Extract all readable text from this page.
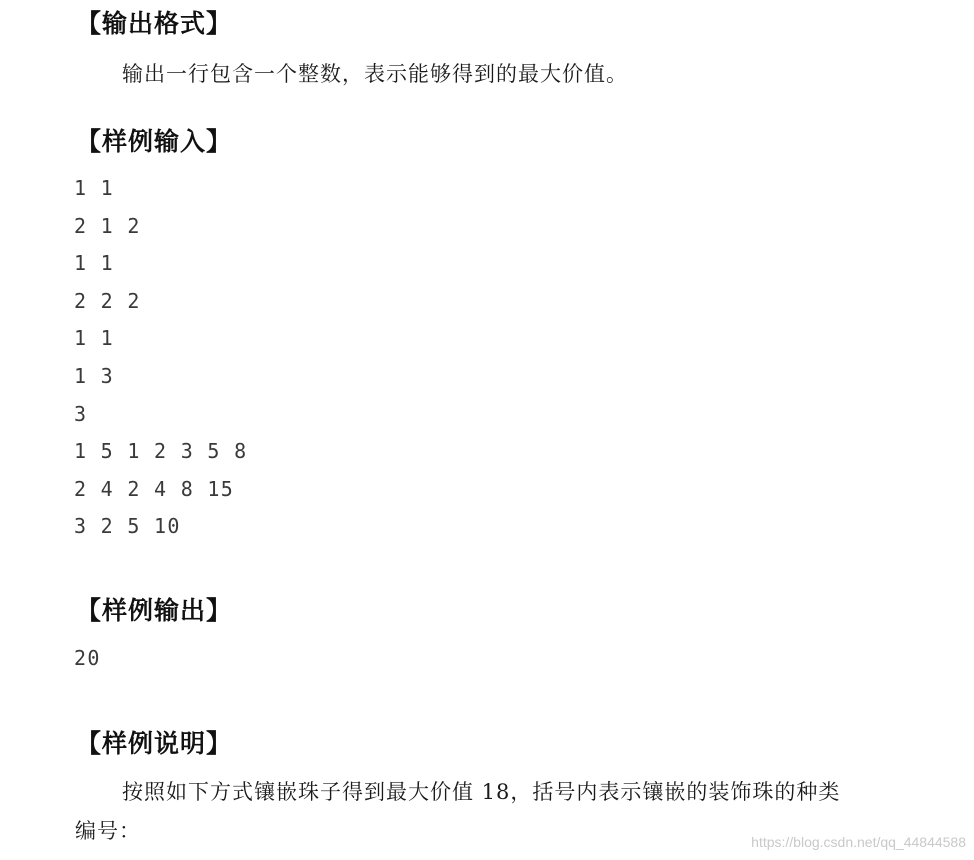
【输出格式】
输出一行包含一个整数，表示能够得到的最大价值。
【样例输入】
1 1
2 1 2
1 1
2 2 2
1 1
1 3
3
1 5 1 2 3 5 8
2 4 2 4 8 15
3 2 5 10
【样例输出】
20
【样例说明】
按照如下方式镶嵌珠子得到最大价值 18，括号内表示镶嵌的装饰珠的种类
编号：	https://blog.csdn.net/qq_44844588
